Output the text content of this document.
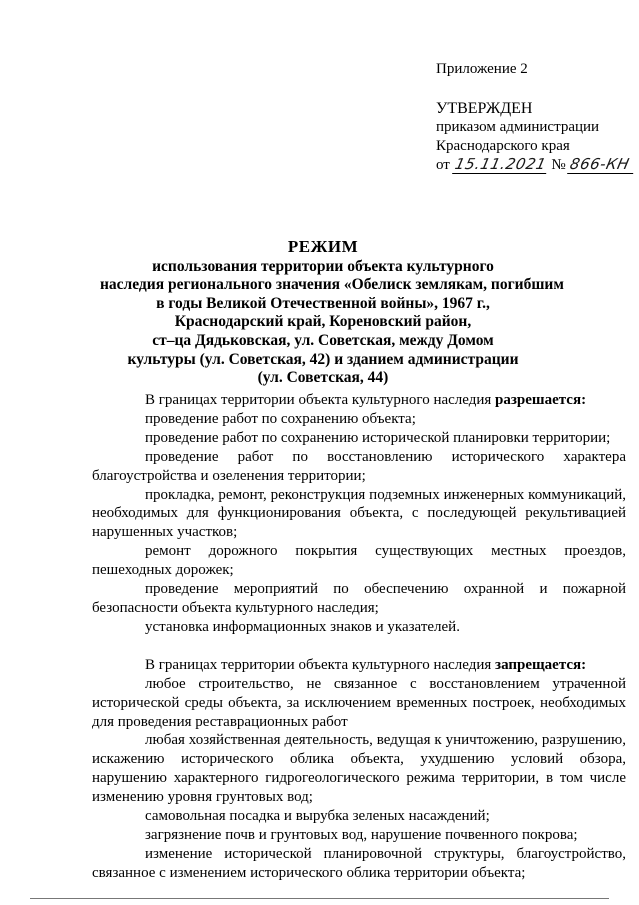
Приложение 2

УТВЕРЖДЕН

приказом администрации

Краснодарского края

от 15.11.2021 № 866-КН
РЕЖИМ

использования территории объекта культурного

наследия регионального значения «Обелиск землякам, погибшим

в годы Великой Отечественной войны», 1967 г.,

Краснодарский край, Кореновский район,

ст–ца Дядьковская, ул. Советская, между Домом

культуры (ул. Советская, 42) и зданием администрации

(ул. Советская, 44)

В границах территории объекта культурного наследия разрешается:

проведение работ по сохранению объекта;

проведение работ по сохранению исторической планировки территории;

проведение работ по восстановлению исторического характера благоустройства и озеленения территории;

прокладка, ремонт, реконструкция подземных инженерных коммуникаций, необходимых для функционирования объекта, с последующей рекультивацией нарушенных участков;

ремонт дорожного покрытия существующих местных проездов, пешеходных дорожек;

проведение мероприятий по обеспечению охранной и пожарной безопасности объекта культурного наследия;

установка информационных знаков и указателей.

В границах территории объекта культурного наследия запрещается:

любое строительство, не связанное с восстановлением утраченной исторической среды объекта, за исключением временных построек, необходимых для проведения реставрационных работ

любая хозяйственная деятельность, ведущая к уничтожению, разрушению, искажению исторического облика объекта, ухудшению условий обзора, нарушению характерного гидрогеологического режима территории, в том числе изменению уровня грунтовых вод;

самовольная посадка и вырубка зеленых насаждений;

загрязнение почв и грунтовых вод, нарушение почвенного покрова;

изменение исторической планировочной структуры, благоустройство, связанное с изменением исторического облика территории объекта;
